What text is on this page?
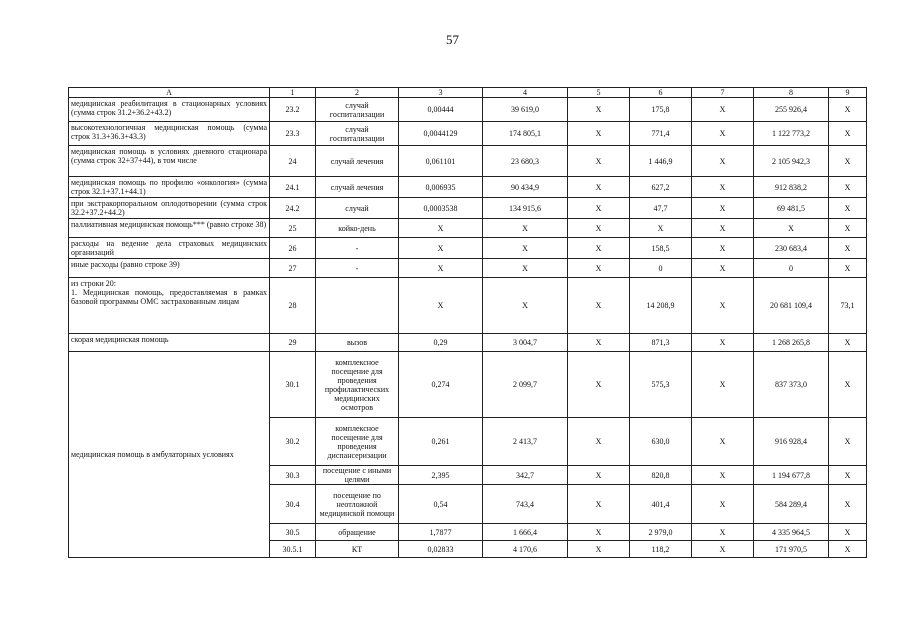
57
А	1	2	3	4	5	6	7	8	9
медицинская реабилитация в стационарных условиях (сумма строк 31.2+36.2+43.2)	23.2	случай госпитализации	0,00444	39 619,0	X	175,8	X	255 926,4	X
высокотехнологичная медицинская помощь (сумма строк 31.3+36.3+43.3)	23.3	случай госпитализации	0,0044129	174 805,1	X	771,4	X	1 122 773,2	X
медицинская помощь в условиях дневного стационара (сумма строк 32+37+44), в том числе	24	случай лечения	0,061101	23 680,3	X	1 446,9	X	2 105 942,3	X
медицинская помощь по профилю «онкология» (сумма строк 32.1+37.1+44.1)	24.1	случай лечения	0,006935	90 434,9	X	627,2	X	912 838,2	X
при экстракорпоральном оплодотворении (сумма строк 32.2+37.2+44.2)	24.2	случай	0,0003538	134 915,6	X	47,7	X	69 481,5	X
паллиативная медицинская помощь*** (равно строке 38)	25	койко-день	X	X	X	X	X	X	X
расходы на ведение дела страховых медицинских организаций	26	-	X	X	X	158,5	X	230 683,4	X
иные расходы (равно строке 39)	27	-	X	X	X	0	X	0	X

из строки 20:
1. Медицинская помощь, предоставляемая в рамках базовой программы ОМС застрахованным лицам	28		X	X	X	14 208,9	X	20 681 109,4	73,1
скорая медицинская помощь	29	вызов	0,29	3 004,7	X	871,3	X	1 268 265,8	X
медицинская помощь в амбулаторных условиях	30.1	комплексное посещение для проведения профилактических медицинских осмотров	0,274	2 099,7	X	575,3	X	837 373,0	X
	30.2	комплексное посещение для проведения диспансеризации	0,261	2 413,7	X	630,0	X	916 928,4	X
	30.3	посещение с иными целями	2,395	342,7	X	820,8	X	1 194 677,8	X
	30.4	посещение по неотложной медицинской помощи	0,54	743,4	X	401,4	X	584 289,4	X
	30.5	обращение	1,7877	1 666,4	X	2 979,0	X	4 335 964,5	X
	30.5.1	КТ	0,02833	4 170,6	X	118,2	X	171 970,5	X
